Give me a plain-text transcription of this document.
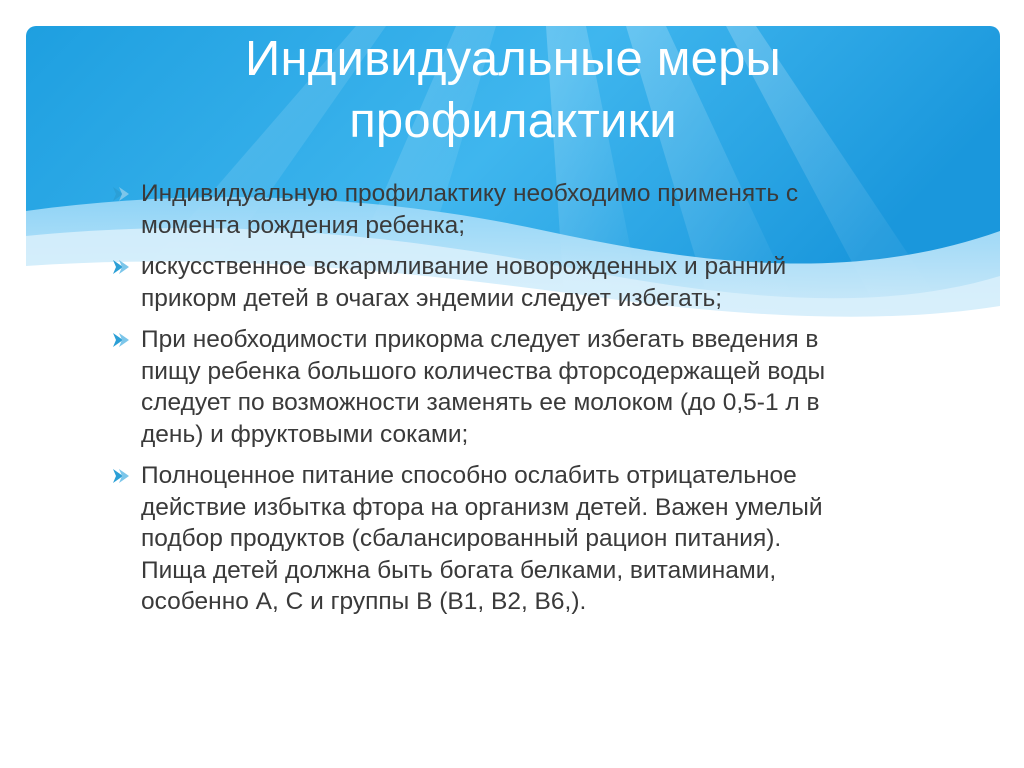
Индивидуальные меры
профилактики
Индивидуальную профилактику необходимо применять с
момента рождения ребенка;
искусственное вскармливание новорожденных и ранний
прикорм детей в очагах эндемии следует избегать;
При необходимости прикорма следует избегать введения в
пищу ребенка большого количества фторсодержащей воды
следует по возможности заменять ее молоком (до 0,5-1 л в
день) и фруктовыми соками;
Полноценное питание способно ослабить отрицательное
действие избытка фтора на организм детей. Важен умелый
подбор продуктов (сбалансированный рацион питания).
Пища детей должна быть богата белками, витаминами,
особенно А, С и группы В (В1, В2, В6,).
